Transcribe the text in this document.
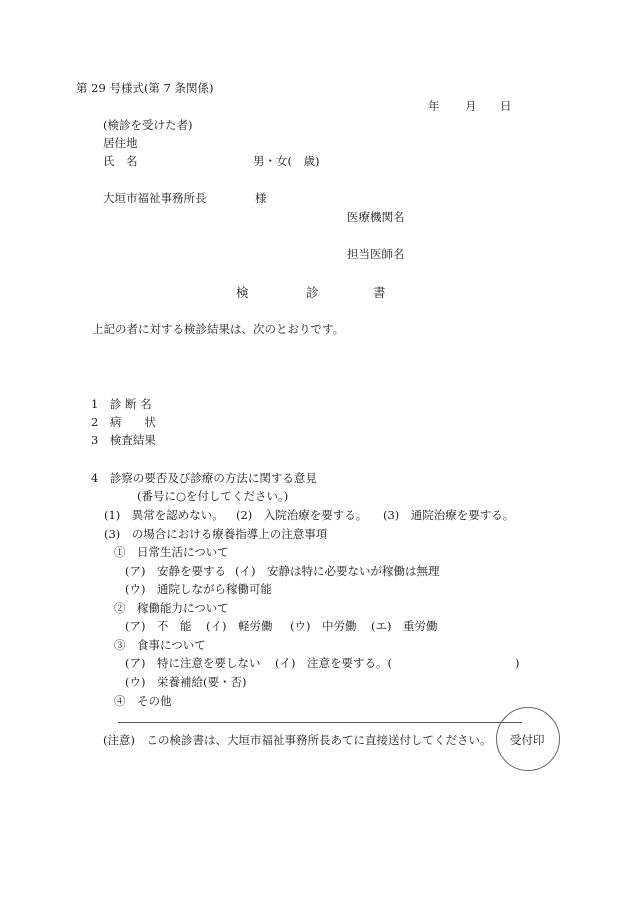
第 29 号様式(第 7 条関係)
年 月 日
(検診を受けた者)
居住地
氏　名	男・女(　歳)
大垣市福祉事務所長	様
医療機関名
担当医師名
検	診	書
上記の者に対する検診結果は、次のとおりです。
1　診 断 名
2　病　　状
3　検査結果
4　診察の要否及び診療の方法に関する意見
(番号に○を付してください。)
(1)　異常を認めない。 (2)　入院治療を要する。 (3)　通院治療を要する。
(3)　の場合における療養指導上の注意事項
①　日常生活について
(ア)　安静を要する (イ)　安静は特に必要ないが稼働は無理
(ウ)　通院しながら稼働可能
②　稼働能力について
(ア)　不　能 (イ)　軽労働 (ウ)　中労働 (エ)　重労働
③　食事について
(ア)　特に注意を要しない (イ)　注意を要する。(	)
(ウ)　栄養補給(要・否)
④　その他
(注意)　この検診書は、大垣市福祉事務所長あてに直接送付してください。 受付印
